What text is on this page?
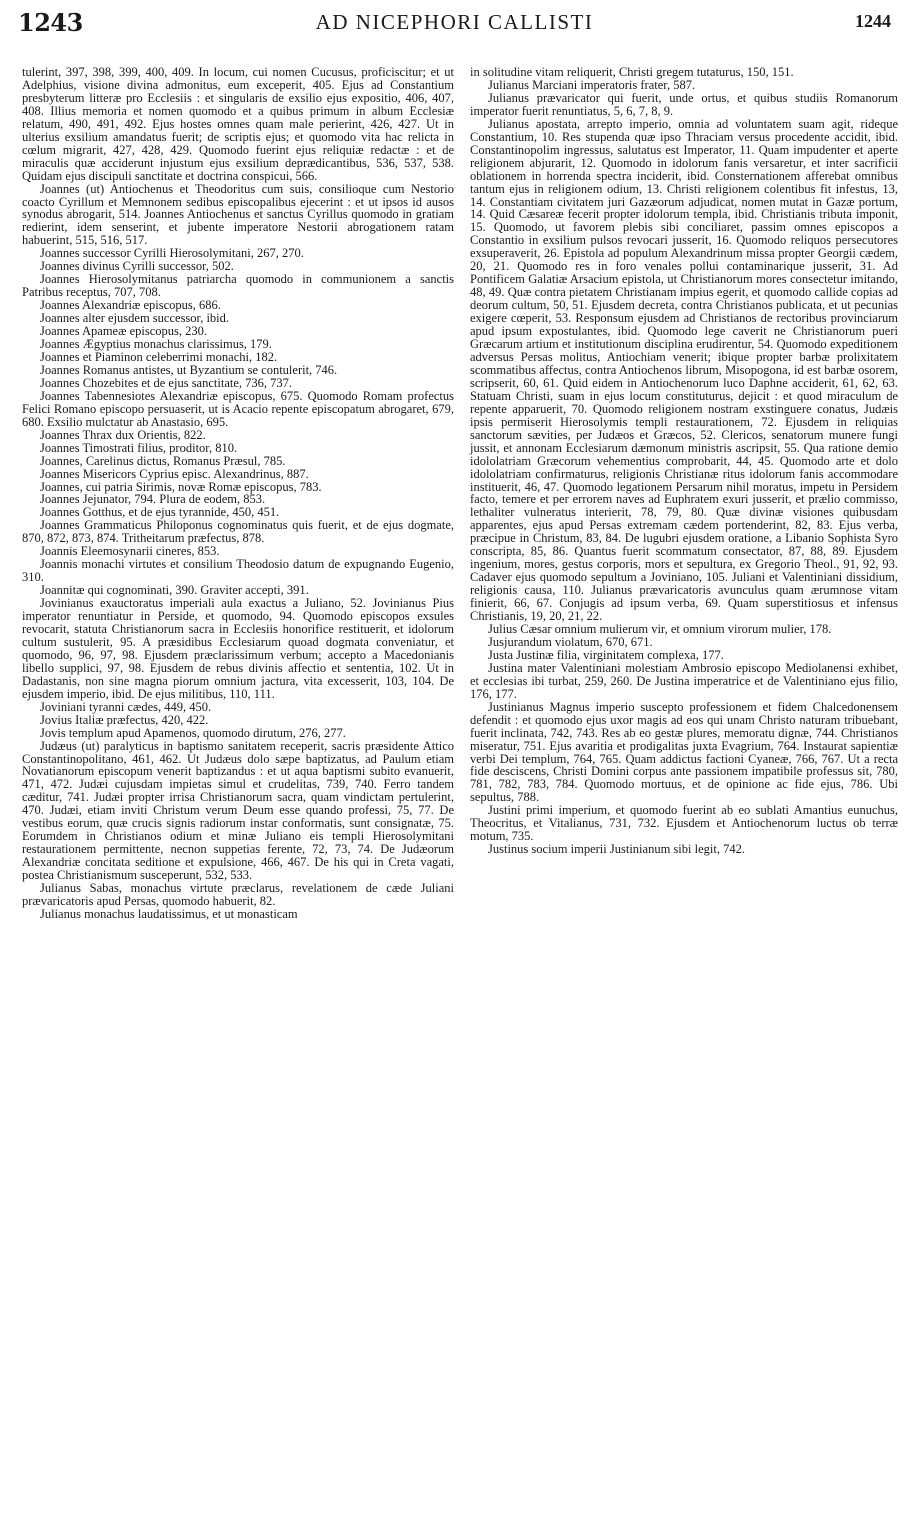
1243	AD NICEPHORI CALLISTI	1244

tulerint, 397, 398, 399, 400, 409. In locum, cui nomen Cucusus, proficiscitur; et ut Adelphius, visione divina admonitus, eum exceperit, 405. Ejus ad Constantium presbyterum litteræ pro Ecclesiis : et singularis de exsilio ejus expositio, 406, 407, 408. Illius memoria et nomen quomodo et a quibus primum in album Ecclesiæ relatum, 490, 491, 492. Ejus hostes omnes quam male perierint, 426, 427. Ut in ulterius exsilium amandatus fuerit; de scriptis ejus; et quomodo vita hac relicta in cœlum migrarit, 427, 428, 429. Quomodo fuerint ejus reliquiæ redactæ : et de miraculis quæ acciderunt injustum ejus exsilium deprædicantibus, 536, 537, 538. Quidam ejus discipuli sanctitate et doctrina conspicui, 566.

Joannes (ut) Antiochenus et Theodoritus cum suis, consilioque cum Nestorio coacto Cyrillum et Memnonem sedibus episcopalibus ejecerint : et ut ipsos id ausos synodus abrogarit, 514. Joannes Antiochenus et sanctus Cyrillus quomodo in gratiam redierint, idem senserint, et jubente imperatore Nestorii abrogationem ratam habuerint, 515, 516, 517.

Joannes successor Cyrilli Hierosolymitani, 267, 270.

Joannes divinus Cyrilli successor, 502.

Joannes Hierosolymitanus patriarcha quomodo in communionem a sanctis Patribus receptus, 707, 708.

Joannes Alexandriæ episcopus, 686.

Joannes alter ejusdem successor, ibid.

Joannes Apameæ episcopus, 230.

Joannes Ægyptius monachus clarissimus, 179.

Joannes et Piaminon celeberrimi monachi, 182.

Joannes Romanus antistes, ut Byzantium se contulerit, 746.

Joannes Chozebites et de ejus sanctitate, 736, 737.

Joannes Tabennesiotes Alexandriæ episcopus, 675. Quomodo Romam profectus Felici Romano episcopo persuaserit, ut is Acacio repente episcopatum abrogaret, 679, 680. Exsilio mulctatur ab Anastasio, 695.

Joannes Thrax dux Orientis, 822.

Joannes Timostrati filius, proditor, 810.

Joannes, Carelinus dictus, Romanus Præsul, 785.

Joannes Misericors Cyprius episc. Alexandrinus, 887.

Joannes, cui patria Sirimis, novæ Romæ episcopus, 783.

Joannes Jejunator, 794. Plura de eodem, 853.

Joannes Gotthus, et de ejus tyrannide, 450, 451.

Joannes Grammaticus Philoponus cognominatus quis fuerit, et de ejus dogmate, 870, 872, 873, 874. Tritheitarum præfectus, 878.

Joannis Eleemosynarii cineres, 853.

Joannis monachi virtutes et consilium Theodosio datum de expugnando Eugenio, 310.

Joannitæ qui cognominati, 390. Graviter accepti, 391.

Jovinianus exauctoratus imperiali aula exactus a Juliano, 52. Jovinianus Pius imperator renuntiatur in Perside, et quomodo, 94. Quomodo episcopos exsules revocarit, statuta Christianorum sacra in Ecclesiis honorifice restituerit, et idolorum cultum sustulerit, 95. A præsidibus Ecclesiarum quoad dogmata conveniatur, et quomodo, 96, 97, 98. Ejusdem præclarissimum verbum; accepto a Macedonianis libello supplici, 97, 98. Ejusdem de rebus divinis affectio et sententia, 102. Ut in Dadastanis, non sine magna piorum omnium jactura, vita excesserit, 103, 104. De ejusdem imperio, ibid. De ejus militibus, 110, 111.

Joviniani tyranni cædes, 449, 450.

Jovius Italiæ præfectus, 420, 422.

Jovis templum apud Apamenos, quomodo dirutum, 276, 277.

Judæus (ut) paralyticus in baptismo sanitatem receperit, sacris præsidente Attico Constantinopolitano, 461, 462. Ut Judæus dolo sæpe baptizatus, ad Paulum etiam Novatianorum episcopum venerit baptizandus : et ut aqua baptismi subito evanuerit, 471, 472. Judæi cujusdam impietas simul et crudelitas, 739, 740. Ferro tandem cæditur, 741. Judæi propter irrisa Christianorum sacra, quam vindictam pertulerint, 470. Judæi, etiam inviti Christum verum Deum esse quando professi, 75, 77. De vestibus eorum, quæ crucis signis radiorum instar conformatis, sunt consignatæ, 75. Eorumdem in Christianos odium et minæ Juliano eis templi Hierosolymitani restaurationem permittente, necnon suppetias ferente, 72, 73, 74. De Judæorum Alexandriæ concitata seditione et expulsione, 466, 467. De his qui in Creta vagati, postea Christianismum susceperunt, 532, 533.

Julianus Sabas, monachus virtute præclarus, revelationem de cæde Juliani prævaricatoris apud Persas, quomodo habuerit, 82.

Julianus monachus laudatissimus, et ut monasticam

in solitudine vitam reliquerit, Christi gregem tutaturus, 150, 151.

Julianus Marciani imperatoris frater, 587.

Julianus prævaricator qui fuerit, unde ortus, et quibus studiis Romanorum imperator fuerit renuntiatus, 5, 6, 7, 8, 9.

Julianus apostata, arrepto imperio, omnia ad voluntatem suam agit, rideque Constantium, 10. Res stupenda quæ ipso Thraciam versus procedente accidit, ibid. Constantinopolim ingressus, salutatus est Imperator, 11. Quam impudenter et aperte religionem abjurarit, 12. Quomodo in idolorum fanis versaretur, et inter sacrificii oblationem in horrenda spectra inciderit, ibid. Consternationem afferebat omnibus tantum ejus in religionem odium, 13. Christi religionem colentibus fit infestus, 13, 14. Constantiam civitatem juri Gazæorum adjudicat, nomen mutat in Gazæ portum, 14. Quid Cæsareæ fecerit propter idolorum templa, ibid. Christianis tributa imponit, 15. Quomodo, ut favorem plebis sibi conciliaret, passim omnes episcopos a Constantio in exsilium pulsos revocari jusserit, 16. Quomodo reliquos persecutores exsuperaverit, 26. Epistola ad populum Alexandrinum missa propter Georgii cædem, 20, 21. Quomodo res in foro venales pollui contaminarique jusserit, 31. Ad Pontificem Galatiæ Arsacium epistola, ut Christianorum mores consectetur imitando, 48, 49. Quæ contra pietatem Christianam impius egerit, et quomodo callide copias ad deorum cultum, 50, 51. Ejusdem decreta, contra Christianos publicata, et ut pecunias exigere cœperit, 53. Responsum ejusdem ad Christianos de rectoribus provinciarum apud ipsum expostulantes, ibid. Quomodo lege caverit ne Christianorum pueri Græcarum artium et institutionum disciplina erudirentur, 54. Quomodo expeditionem adversus Persas molitus, Antiochiam venerit; ibique propter barbæ prolixitatem scommatibus affectus, contra Antiochenos librum, Misopogona, id est barbæ osorem, scripserit, 60, 61. Quid eidem in Antiochenorum luco Daphne acciderit, 61, 62, 63. Statuam Christi, suam in ejus locum constituturus, dejicit : et quod miraculum de repente apparuerit, 70. Quomodo religionem nostram exstinguere conatus, Judæis ipsis permiserit Hierosolymis templi restaurationem, 72. Ejusdem in reliquias sanctorum sævities, per Judæos et Græcos, 52. Clericos, senatorum munere fungi jussit, et annonam Ecclesiarum dæmonum ministris ascripsit, 55. Qua ratione demio idololatriam Græcorum vehementius comprobarit, 44, 45. Quomodo arte et dolo idololatriam confirmaturus, religionis Christianæ ritus idolorum fanis accommodare instituerit, 46, 47. Quomodo legationem Persarum nihil moratus, impetu in Persidem facto, temere et per errorem naves ad Euphratem exuri jusserit, et prælio commisso, lethaliter vulneratus interierit, 78, 79, 80. Quæ divinæ visiones quibusdam apparentes, ejus apud Persas extremam cædem portenderint, 82, 83. Ejus verba, præcipue in Christum, 83, 84. De lugubri ejusdem oratione, a Libanio Sophista Syro conscripta, 85, 86. Quantus fuerit scommatum consectator, 87, 88, 89. Ejusdem ingenium, mores, gestus corporis, mors et sepultura, ex Gregorio Theol., 91, 92, 93. Cadaver ejus quomodo sepultum a Joviniano, 105. Juliani et Valentiniani dissidium, religionis causa, 110. Julianus prævaricatoris avunculus quam ærumnose vitam finierit, 66, 67. Conjugis ad ipsum verba, 69. Quam superstitiosus et infensus Christianis, 19, 20, 21, 22.

Julius Cæsar omnium mulierum vir, et omnium virorum mulier, 178.

Jusjurandum violatum, 670, 671.

Justa Justinæ filia, virginitatem complexa, 177.

Justina mater Valentiniani molestiam Ambrosio episcopo Mediolanensi exhibet, et ecclesias ibi turbat, 259, 260. De Justina imperatrice et de Valentiniano ejus filio, 176, 177.

Justinianus Magnus imperio suscepto professionem et fidem Chalcedonensem defendit : et quomodo ejus uxor magis ad eos qui unam Christo naturam tribuebant, fuerit inclinata, 742, 743. Res ab eo gestæ plures, memoratu dignæ, 744. Christianos miseratur, 751. Ejus avaritia et prodigalitas juxta Evagrium, 764. Instaurat sapientiæ verbi Dei templum, 764, 765. Quam addictus factioni Cyaneæ, 766, 767. Ut a recta fide desciscens, Christi Domini corpus ante passionem impatibile professus sit, 780, 781, 782, 783, 784. Quomodo mortuus, et de opinione ac fide ejus, 786. Ubi sepultus, 788.

Justini primi imperium, et quomodo fuerint ab eo sublati Amantius eunuchus, Theocritus, et Vitalianus, 731, 732. Ejusdem et Antiochenorum luctus ob terræ motum, 735.

Justinus socium imperii Justinianum sibi legit, 742.
